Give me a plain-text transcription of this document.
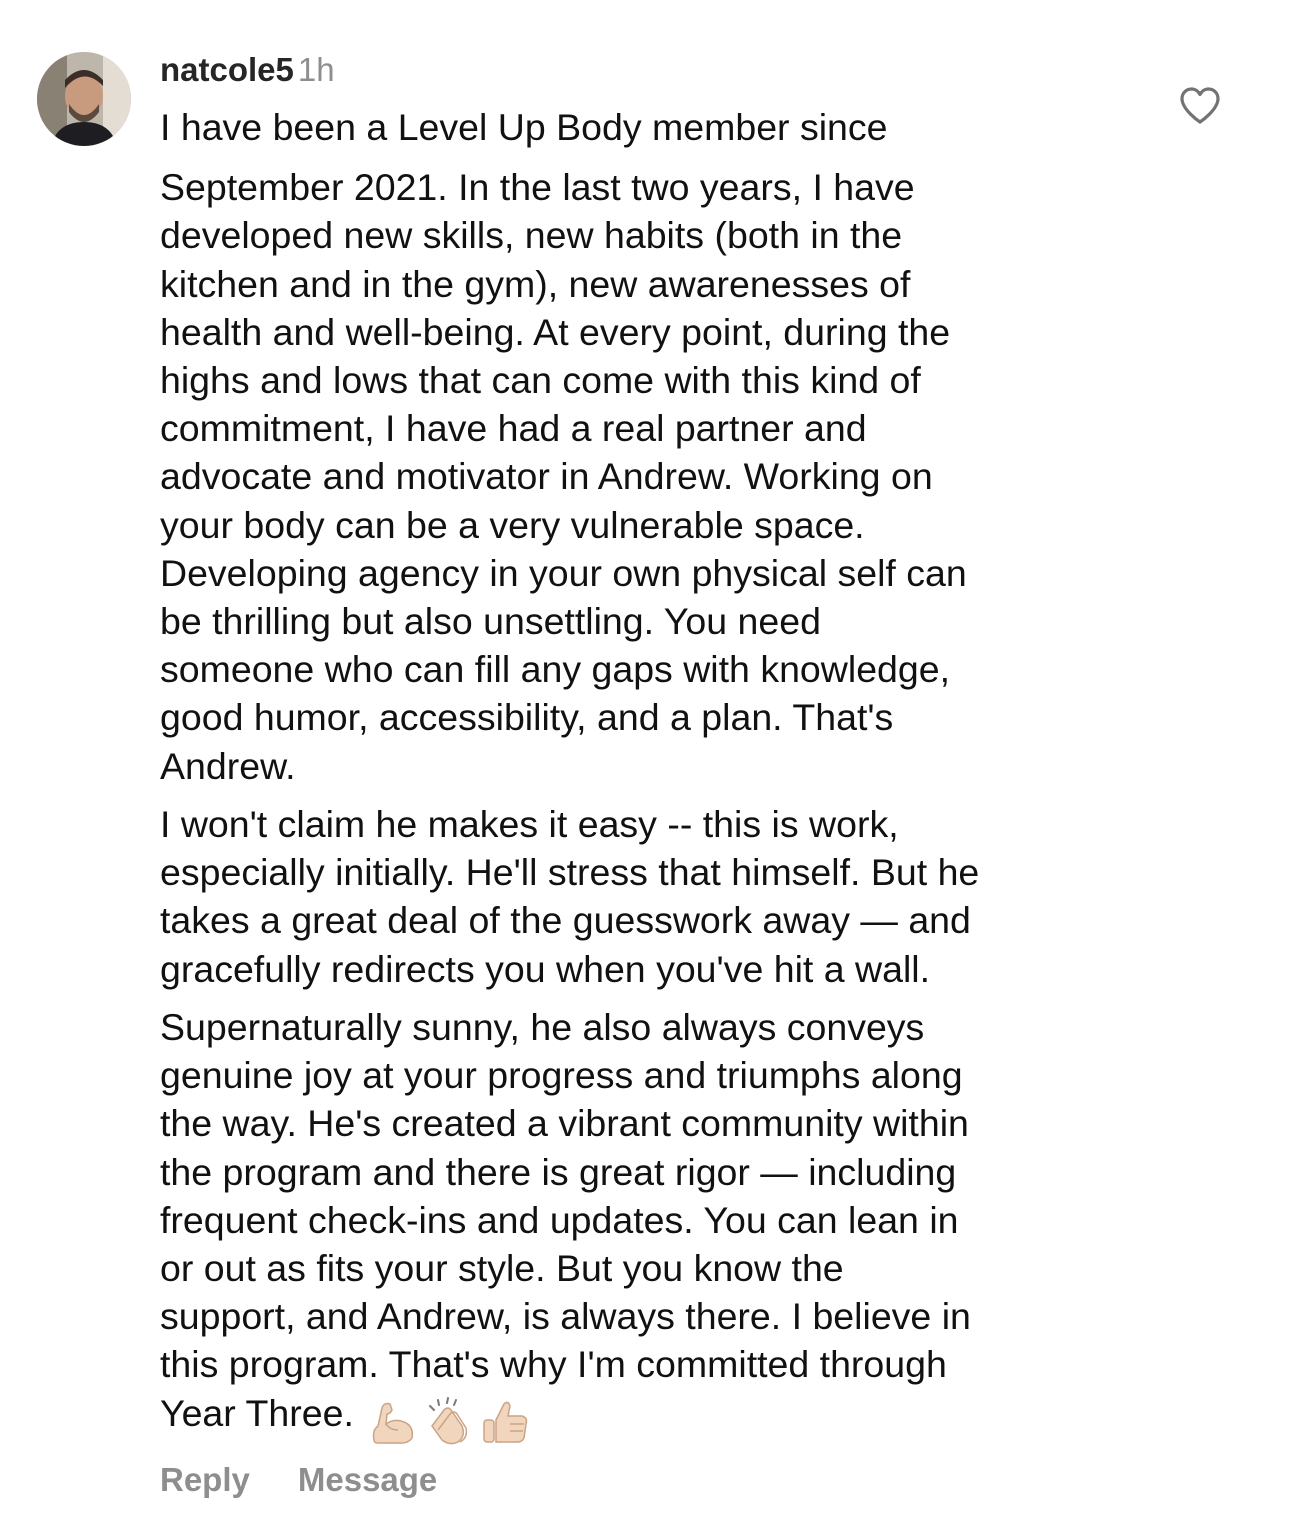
natcole5 1h

I have been a Level Up Body member since
September 2021. In the last two years, I have
developed new skills, new habits (both in the
kitchen and in the gym), new awarenesses of
health and well-being. At every point, during the
highs and lows that can come with this kind of
commitment, I have had a real partner and
advocate and motivator in Andrew. Working on
your body can be a very vulnerable space.
Developing agency in your own physical self can
be thrilling but also unsettling. You need
someone who can fill any gaps with knowledge,
good humor, accessibility, and a plan. That's
Andrew.

I won't claim he makes it easy -- this is work,
especially initially. He'll stress that himself. But he
takes a great deal of the guesswork away — and
gracefully redirects you when you've hit a wall.

Supernaturally sunny, he also always conveys
genuine joy at your progress and triumphs along
the way. He's created a vibrant community within
the program and there is great rigor — including
frequent check-ins and updates. You can lean in
or out as fits your style. But you know the
support, and Andrew, is always there. I believe in
this program. That's why I'm committed through
Year Three.

Reply Message
